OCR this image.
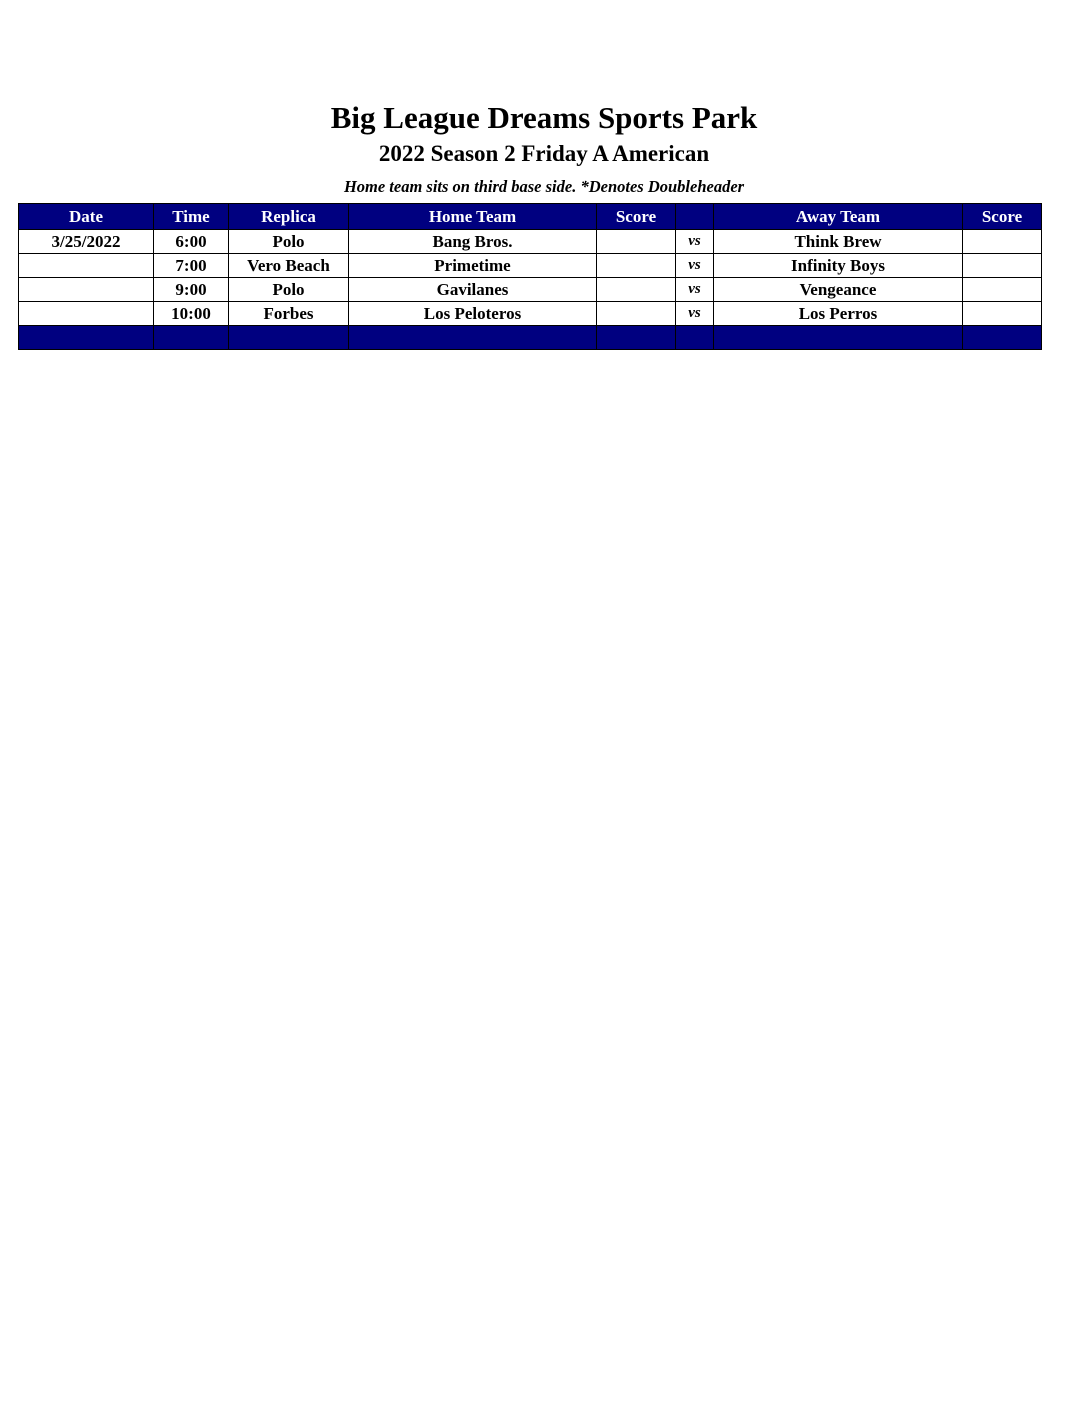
Big League Dreams Sports Park
2022 Season 2 Friday A American
Home team sits on third base side. *Denotes Doubleheader
Date	Time	Replica	Home Team	Score		Away Team	Score
3/25/2022	6:00	Polo	Bang Bros.		vs	Think Brew	
	7:00	Vero Beach	Primetime		vs	Infinity Boys	
	9:00	Polo	Gavilanes		vs	Vengeance	
	10:00	Forbes	Los Peloteros		vs	Los Perros	
